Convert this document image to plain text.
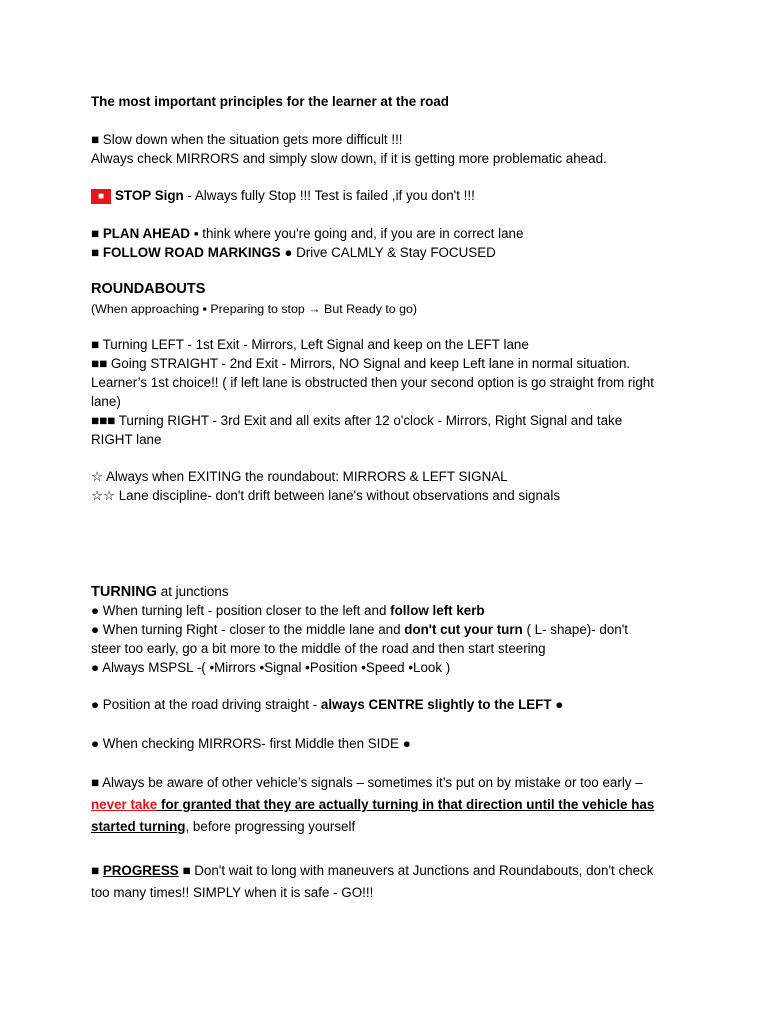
The most important principles for the learner at the road
■ Slow down when the situation gets more difficult !!!
Always check MIRRORS and simply slow down, if it is getting more problematic ahead.
■ STOP Sign - Always fully Stop !!! Test is failed ,if you don't !!!
■ PLAN AHEAD ▪ think where you're going and, if you are in correct lane
■ FOLLOW ROAD MARKINGS ● Drive CALMLY & Stay FOCUSED
ROUNDABOUTS
(When approaching ▪ Preparing to stop → But Ready to go)
■ Turning LEFT - 1st Exit - Mirrors, Left Signal and keep on the LEFT lane
■■ Going STRAIGHT - 2nd Exit - Mirrors, NO Signal and keep Left lane in normal situation.
Learner’s 1st choice!! ( if left lane is obstructed then your second option is go straight from right
lane)
■■■ Turning RIGHT - 3rd Exit and all exits after 12 o'clock - Mirrors, Right Signal and take
RIGHT lane
☆ Always when EXITING the roundabout: MIRRORS & LEFT SIGNAL
☆☆ Lane discipline- don't drift between lane's without observations and signals
TURNING at junctions
● When turning left - position closer to the left and follow left kerb
● When turning Right - closer to the middle lane and don't cut your turn ( L- shape)- don't
steer too early, go a bit more to the middle of the road and then start steering
● Always MSPSL -( •Mirrors •Signal •Position •Speed •Look )
● Position at the road driving straight - always CENTRE slightly to the LEFT ●
● When checking MIRRORS- first Middle then SIDE ●
■ Always be aware of other vehicle’s signals – sometimes it’s put on by mistake or too early –
never take for granted that they are actually turning in that direction until the vehicle has
started turning, before progressing yourself
■ PROGRESS ■ Don't wait to long with maneuvers at Junctions and Roundabouts, don't check
too many times!! SIMPLY when it is safe - GO!!!
